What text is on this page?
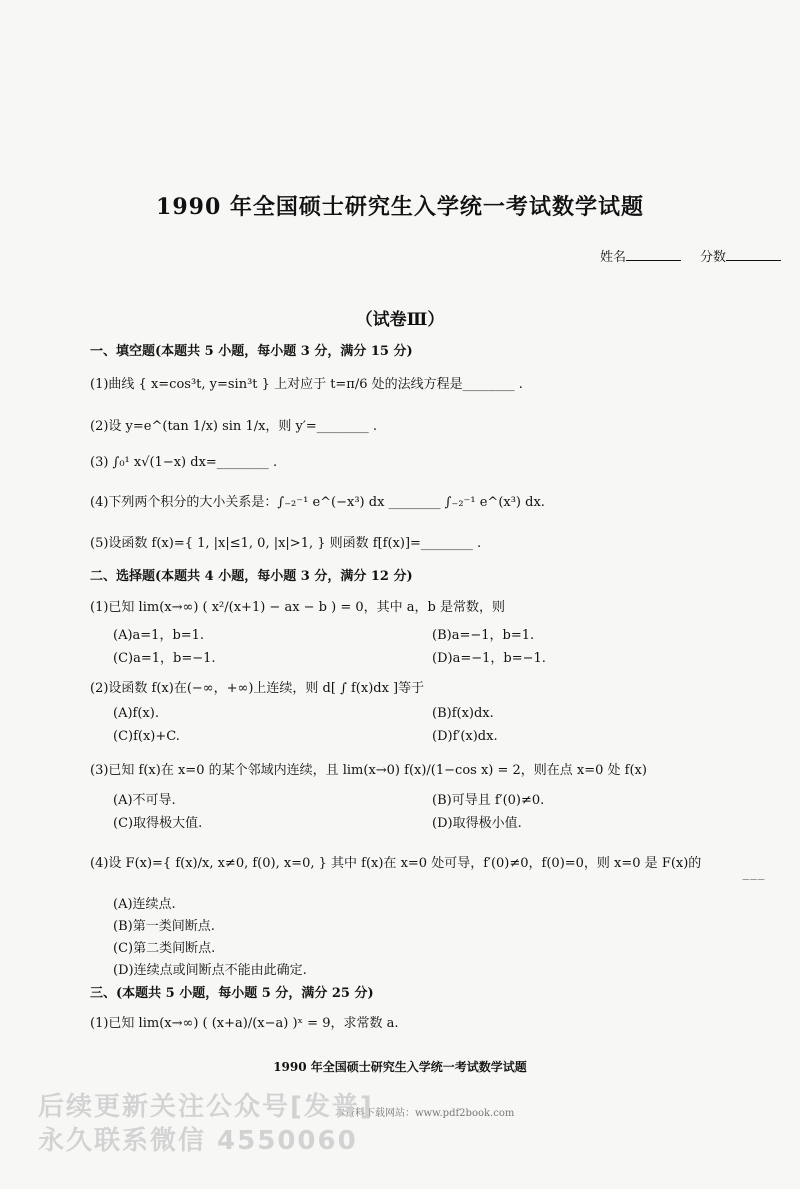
1990 年全国硕士研究生入学统一考试数学试题
姓名	分数
（试卷Ⅲ）
一、填空题(本题共 5 小题，每小题 3 分，满分 15 分)
(1)曲线 { x=cos³t, y=sin³t } 上对应于 t=π/6 处的法线方程是________ .
(2)设 y=e^(tan 1/x) sin 1/x，则 y′=________ .
(3) ∫₀¹ x√(1−x) dx=________ .
(4)下列两个积分的大小关系是：∫₋₂⁻¹ e^(−x³) dx ________ ∫₋₂⁻¹ e^(x³) dx.
(5)设函数 f(x)={ 1, |x|≤1, 0, |x|>1, } 则函数 f[f(x)]=________ .
二、选择题(本题共 4 小题，每小题 3 分，满分 12 分)
(1)已知 lim(x→∞) ( x²/(x+1) − ax − b ) = 0，其中 a，b 是常数，则
(A)a=1，b=1.	(B)a=−1，b=1.
(C)a=1，b=−1.	(D)a=−1，b=−1.
(2)设函数 f(x)在(−∞，+∞)上连续，则 d[ ∫ f(x)dx ]等于
(A)f(x).	(B)f(x)dx.
(C)f(x)+C.	(D)f′(x)dx.
(3)已知 f(x)在 x=0 的某个邻域内连续，且 lim(x→0) f(x)/(1−cos x) = 2，则在点 x=0 处 f(x)
(A)不可导.	(B)可导且 f′(0)≠0.
(C)取得极大值.	(D)取得极小值.
(4)设 F(x)={ f(x)/x, x≠0, f(0), x=0, } 其中 f(x)在 x=0 处可导，f′(0)≠0，f(0)=0，则 x=0 是 F(x)的
(A)连续点.
(B)第一类间断点.
(C)第二类间断点.
(D)连续点或间断点不能由此确定.
三、(本题共 5 小题，每小题 5 分，满分 25 分)
(1)已知 lim(x→∞) ( (x+a)/(x−a) )ˣ = 9，求常数 a.
‒‒‒
1990 年全国硕士研究生入学统一考试数学试题
本资料下载网站：www.pdf2book.com
后续更新关注公众号[发普]
永久联系微信 4550060
